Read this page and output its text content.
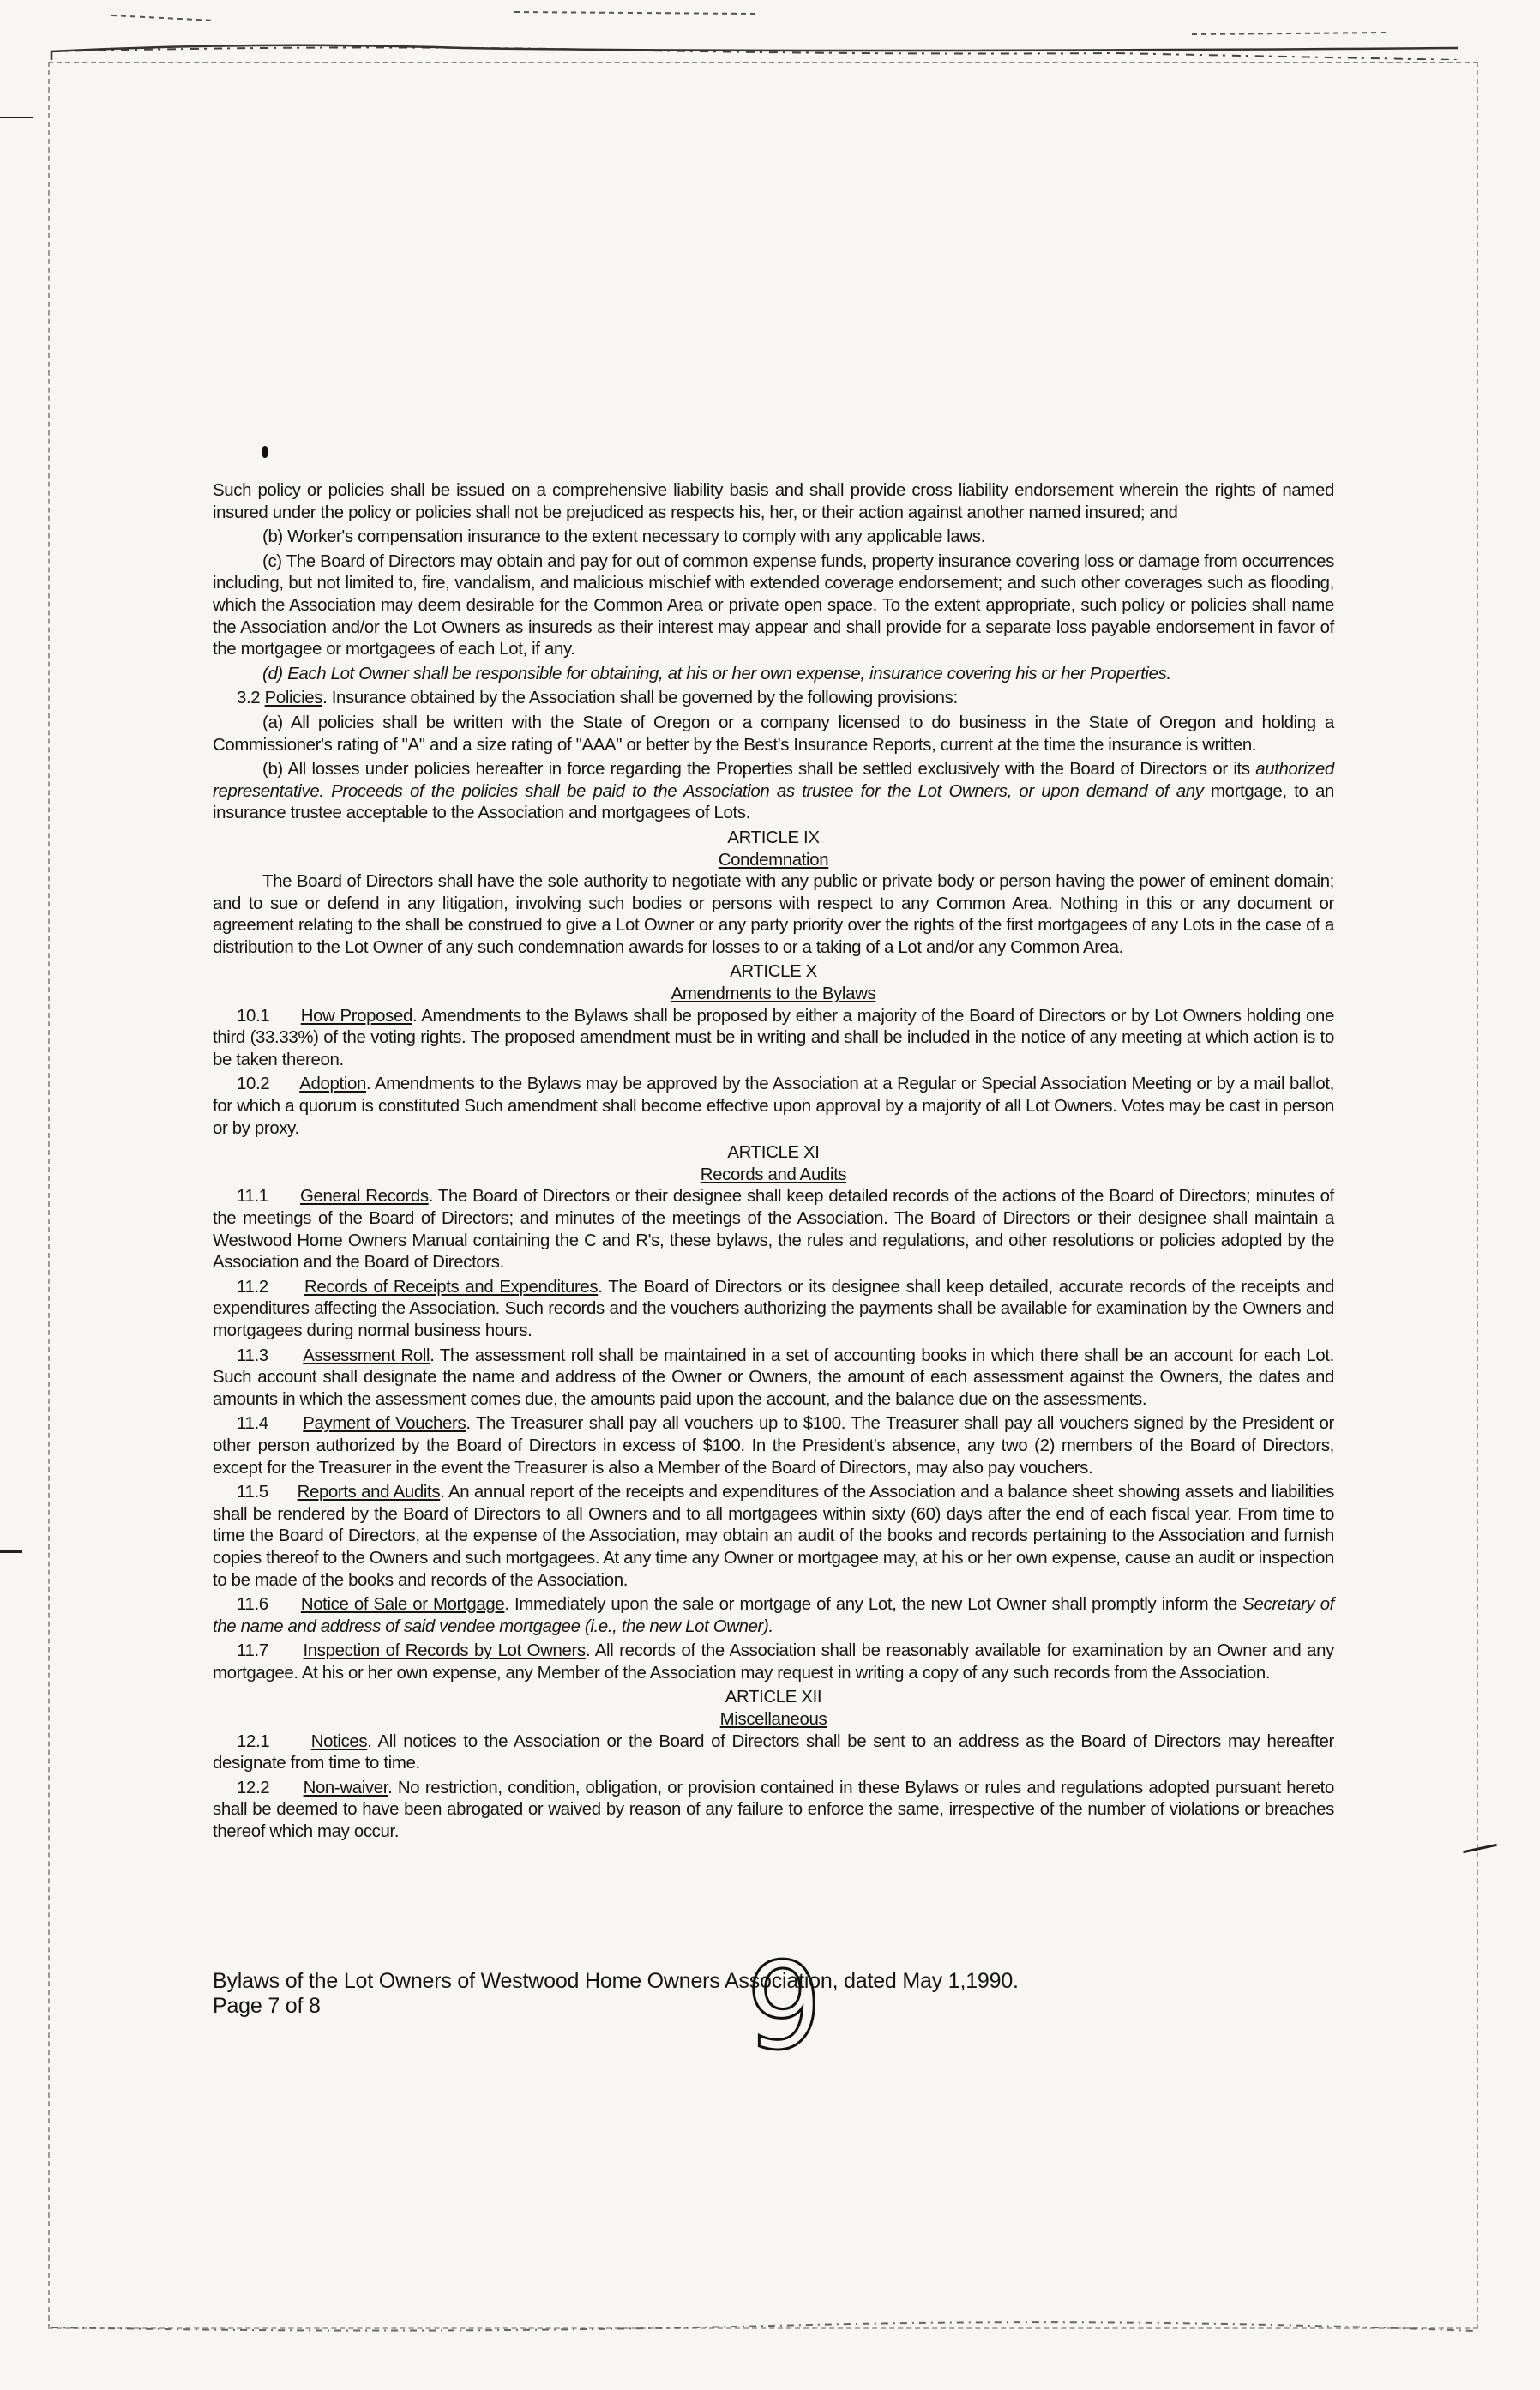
Such policy or policies shall be issued on a comprehensive liability basis and shall provide cross liability endorsement wherein the rights of named insured under the policy or policies shall not be prejudiced as respects his, her, or their action against another named insured; and

(b) Worker's compensation insurance to the extent necessary to comply with any applicable laws.

(c) The Board of Directors may obtain and pay for out of common expense funds, property insurance covering loss or damage from occurrences including, but not limited to, fire, vandalism, and malicious mischief with extended coverage endorsement; and such other coverages such as flooding, which the Association may deem desirable for the Common Area or private open space. To the extent appropriate, such policy or policies shall name the Association and/or the Lot Owners as insureds as their interest may appear and shall provide for a separate loss payable endorsement in favor of the mortgagee or mortgagees of each Lot, if any.

(d) Each Lot Owner shall be responsible for obtaining, at his or her own expense, insurance covering his or her Properties.

3.2 Policies. Insurance obtained by the Association shall be governed by the following provisions:

(a) All policies shall be written with the State of Oregon or a company licensed to do business in the State of Oregon and holding a Commissioner's rating of "A" and a size rating of "AAA" or better by the Best's Insurance Reports, current at the time the insurance is written.

(b) All losses under policies hereafter in force regarding the Properties shall be settled exclusively with the Board of Directors or its authorized representative. Proceeds of the policies shall be paid to the Association as trustee for the Lot Owners, or upon demand of any mortgage, to an insurance trustee acceptable to the Association and mortgagees of Lots.

ARTICLE IX

Condemnation

The Board of Directors shall have the sole authority to negotiate with any public or private body or person having the power of eminent domain; and to sue or defend in any litigation, involving such bodies or persons with respect to any Common Area. Nothing in this or any document or agreement relating to the shall be construed to give a Lot Owner or any party priority over the rights of the first mortgagees of any Lots in the case of a distribution to the Lot Owner of any such condemnation awards for losses to or a taking of a Lot and/or any Common Area.

ARTICLE X

Amendments to the Bylaws

10.1 How Proposed. Amendments to the Bylaws shall be proposed by either a majority of the Board of Directors or by Lot Owners holding one third (33.33%) of the voting rights. The proposed amendment must be in writing and shall be included in the notice of any meeting at which action is to be taken thereon.

10.2 Adoption. Amendments to the Bylaws may be approved by the Association at a Regular or Special Association Meeting or by a mail ballot, for which a quorum is constituted Such amendment shall become effective upon approval by a majority of all Lot Owners. Votes may be cast in person or by proxy.

ARTICLE XI

Records and Audits

11.1 General Records. The Board of Directors or their designee shall keep detailed records of the actions of the Board of Directors; minutes of the meetings of the Board of Directors; and minutes of the meetings of the Association. The Board of Directors or their designee shall maintain a Westwood Home Owners Manual containing the C and R's, these bylaws, the rules and regulations, and other resolutions or policies adopted by the Association and the Board of Directors.

11.2 Records of Receipts and Expenditures. The Board of Directors or its designee shall keep detailed, accurate records of the receipts and expenditures affecting the Association. Such records and the vouchers authorizing the payments shall be available for examination by the Owners and mortgagees during normal business hours.

11.3 Assessment Roll. The assessment roll shall be maintained in a set of accounting books in which there shall be an account for each Lot. Such account shall designate the name and address of the Owner or Owners, the amount of each assessment against the Owners, the dates and amounts in which the assessment comes due, the amounts paid upon the account, and the balance due on the assessments.

11.4 Payment of Vouchers. The Treasurer shall pay all vouchers up to $100. The Treasurer shall pay all vouchers signed by the President or other person authorized by the Board of Directors in excess of $100. In the President's absence, any two (2) members of the Board of Directors, except for the Treasurer in the event the Treasurer is also a Member of the Board of Directors, may also pay vouchers.

11.5 Reports and Audits. An annual report of the receipts and expenditures of the Association and a balance sheet showing assets and liabilities shall be rendered by the Board of Directors to all Owners and to all mortgagees within sixty (60) days after the end of each fiscal year. From time to time the Board of Directors, at the expense of the Association, may obtain an audit of the books and records pertaining to the Association and furnish copies thereof to the Owners and such mortgagees. At any time any Owner or mortgagee may, at his or her own expense, cause an audit or inspection to be made of the books and records of the Association.

11.6 Notice of Sale or Mortgage. Immediately upon the sale or mortgage of any Lot, the new Lot Owner shall promptly inform the Secretary of the name and address of said vendee mortgagee (i.e., the new Lot Owner).

11.7 Inspection of Records by Lot Owners. All records of the Association shall be reasonably available for examination by an Owner and any mortgagee. At his or her own expense, any Member of the Association may request in writing a copy of any such records from the Association.

ARTICLE XII

Miscellaneous

12.1 Notices. All notices to the Association or the Board of Directors shall be sent to an address as the Board of Directors may hereafter designate from time to time.

12.2 Non-waiver. No restriction, condition, obligation, or provision contained in these Bylaws or rules and regulations adopted pursuant hereto shall be deemed to have been abrogated or waived by reason of any failure to enforce the same, irrespective of the number of violations or breaches thereof which may occur.

Bylaws of the Lot Owners of Westwood Home Owners Association, dated May 1,1990.
Page 7 of 8	9
